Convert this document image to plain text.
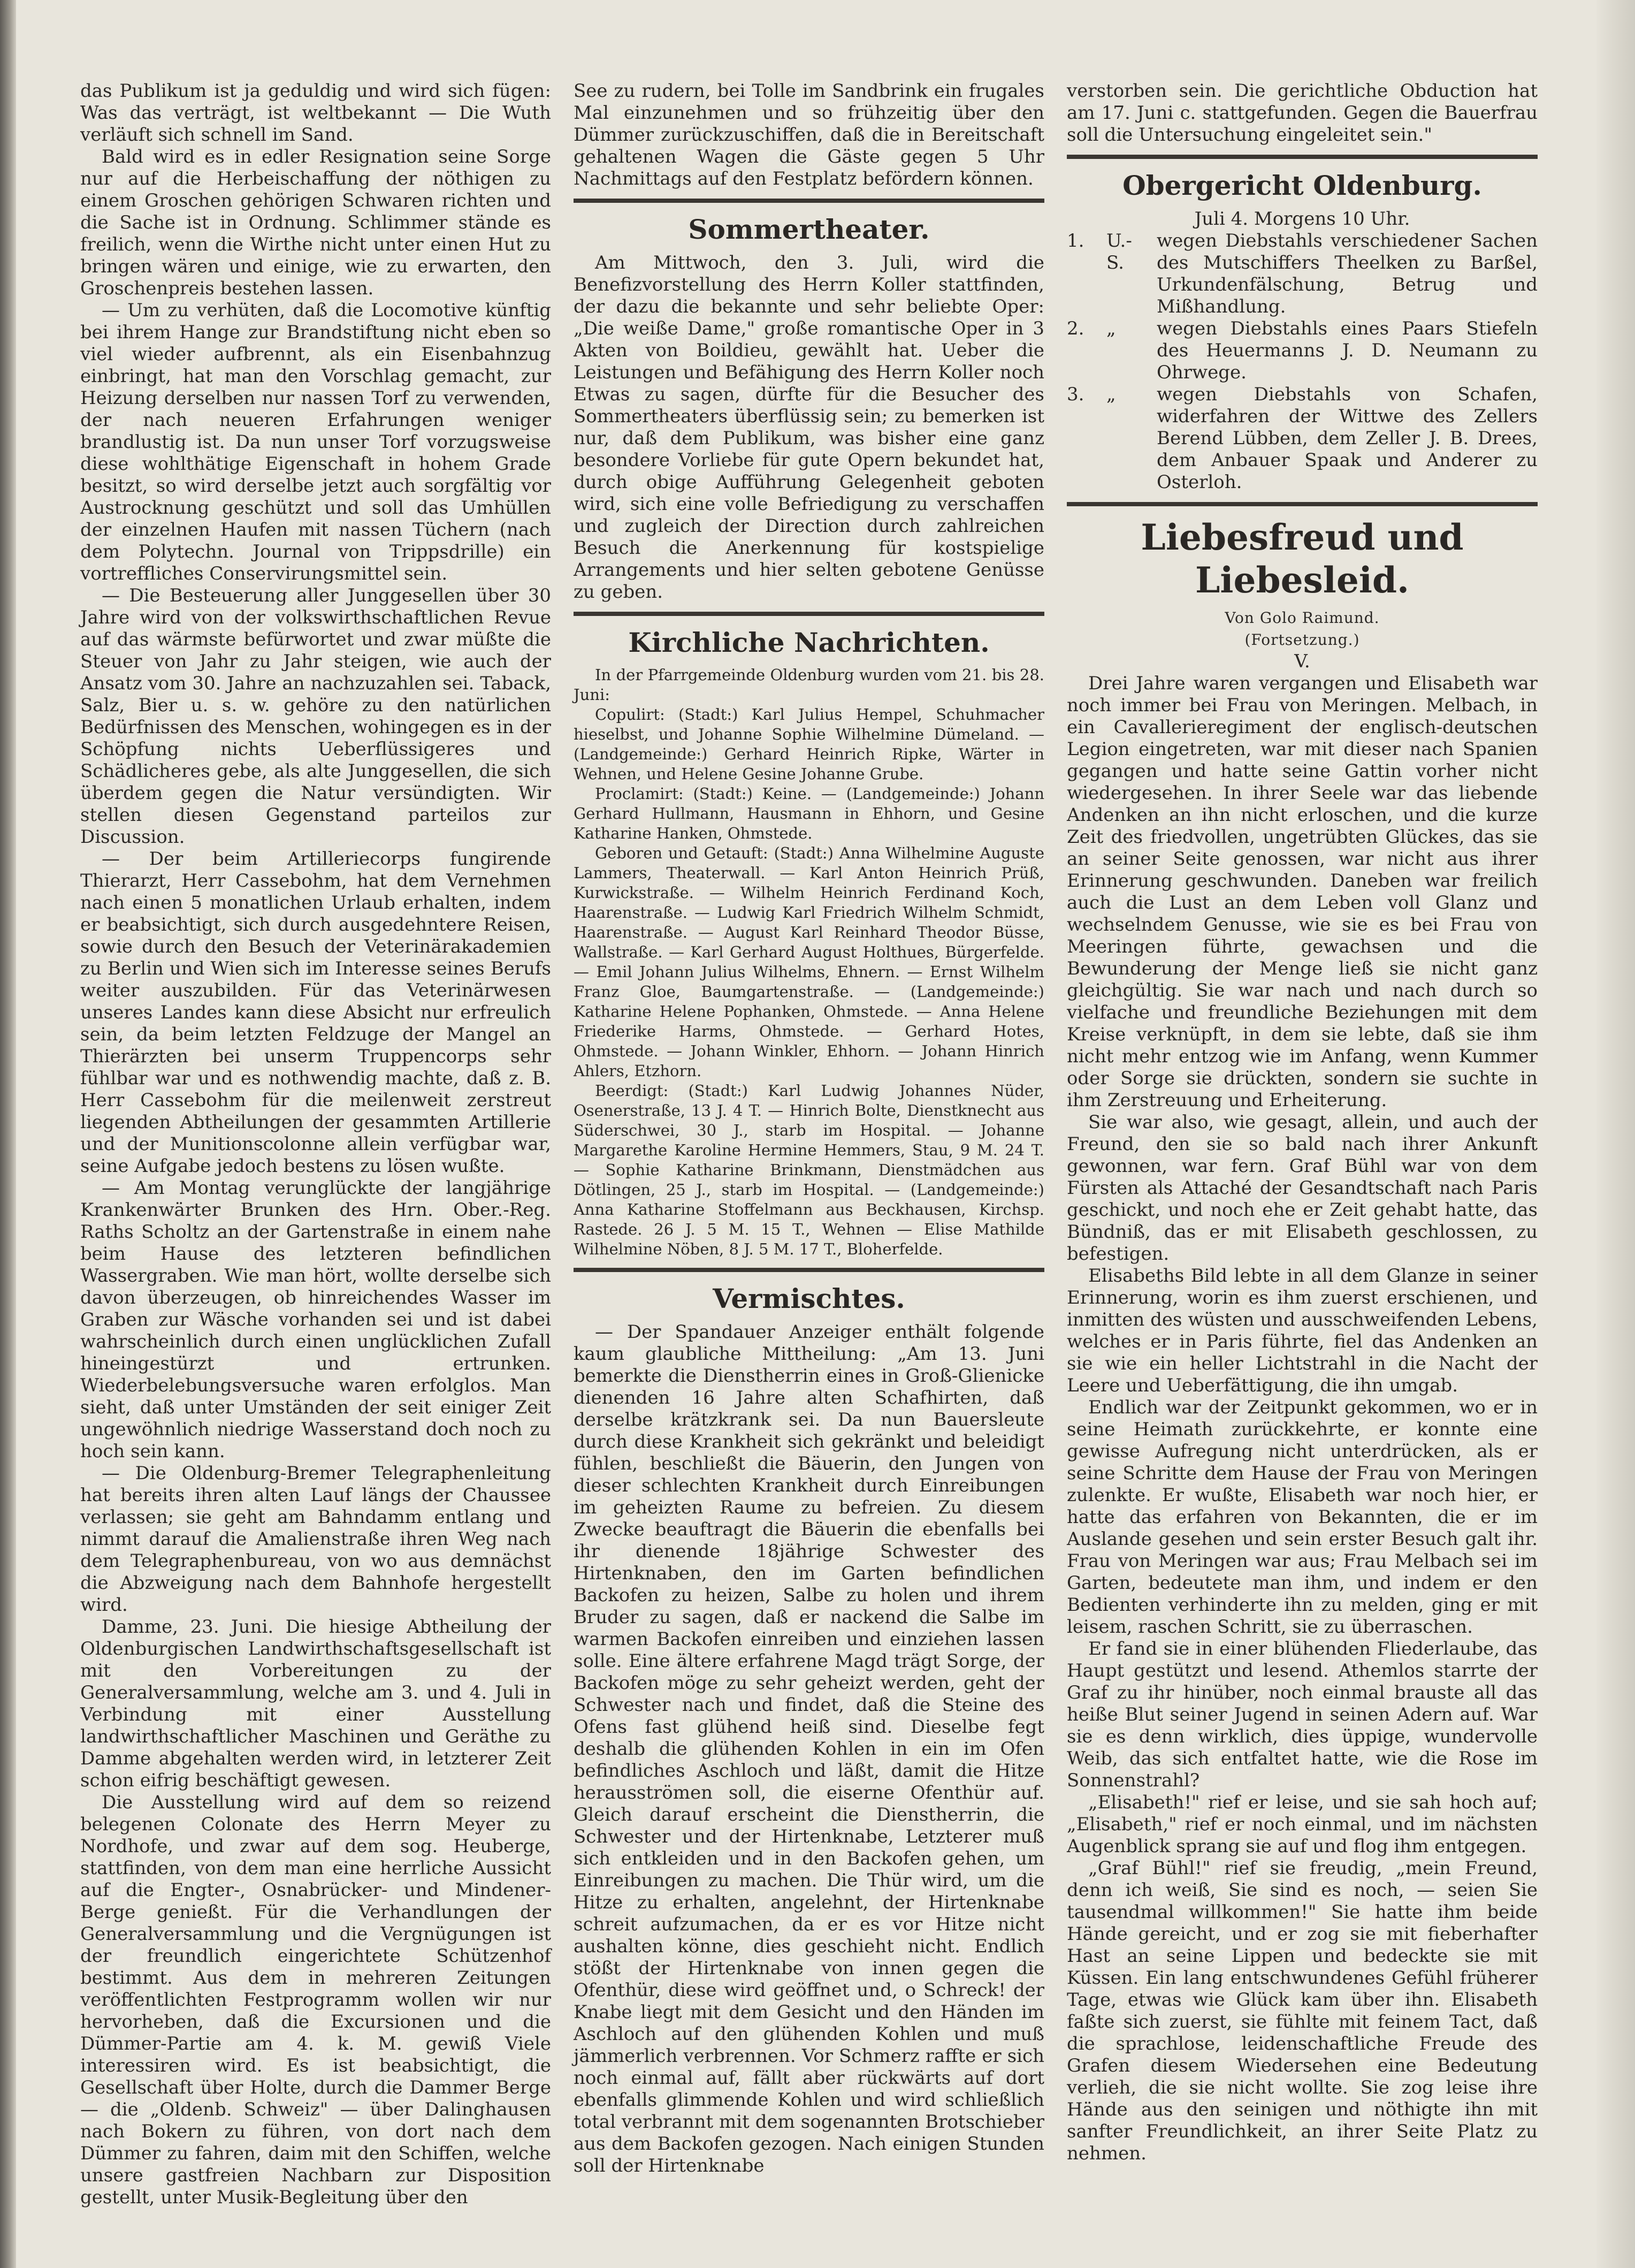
das Publikum ist ja geduldig und wird sich fügen: Was das verträgt, ist weltbekannt — Die Wuth verläuft sich schnell im Sand.

Bald wird es in edler Resignation seine Sorge nur auf die Herbeischaffung der nöthigen zu einem Groschen gehörigen Schwaren richten und die Sache ist in Ordnung. Schlimmer stände es freilich, wenn die Wirthe nicht unter einen Hut zu bringen wären und einige, wie zu erwarten, den Groschenpreis bestehen lassen.

— Um zu verhüten, daß die Locomotive künftig bei ihrem Hange zur Brandstiftung nicht eben so viel wieder aufbrennt, als ein Eisenbahnzug einbringt, hat man den Vorschlag gemacht, zur Heizung derselben nur nassen Torf zu verwenden, der nach neueren Erfahrungen weniger brandlustig ist. Da nun unser Torf vorzugsweise diese wohlthätige Eigenschaft in hohem Grade besitzt, so wird derselbe jetzt auch sorgfältig vor Austrocknung geschützt und soll das Umhüllen der einzelnen Haufen mit nassen Tüchern (nach dem Polytechn. Journal von Trippsdrille) ein vortreffliches Conservirungsmittel sein.

— Die Besteuerung aller Junggesellen über 30 Jahre wird von der volkswirthschaftlichen Revue auf das wärmste befürwortet und zwar müßte die Steuer von Jahr zu Jahr steigen, wie auch der Ansatz vom 30. Jahre an nachzuzahlen sei. Taback, Salz, Bier u. s. w. gehöre zu den natürlichen Bedürfnissen des Menschen, wohingegen es in der Schöpfung nichts Ueberflüssigeres und Schädlicheres gebe, als alte Junggesellen, die sich überdem gegen die Natur versündigten. Wir stellen diesen Gegenstand parteilos zur Discussion.

— Der beim Artilleriecorps fungirende Thierarzt, Herr Cassebohm, hat dem Vernehmen nach einen 5 monatlichen Urlaub erhalten, indem er beabsichtigt, sich durch ausgedehntere Reisen, sowie durch den Besuch der Veterinärakademien zu Berlin und Wien sich im Interesse seines Berufs weiter auszubilden. Für das Veterinärwesen unseres Landes kann diese Absicht nur erfreulich sein, da beim letzten Feldzuge der Mangel an Thierärzten bei unserm Truppencorps sehr fühlbar war und es nothwendig machte, daß z. B. Herr Cassebohm für die meilenweit zerstreut liegenden Abtheilungen der gesammten Artillerie und der Munitionscolonne allein verfügbar war, seine Aufgabe jedoch bestens zu lösen wußte.

— Am Montag verunglückte der langjährige Krankenwärter Brunken des Hrn. Ober.-Reg. Raths Scholtz an der Gartenstraße in einem nahe beim Hause des letzteren befindlichen Wassergraben. Wie man hört, wollte derselbe sich davon überzeugen, ob hinreichendes Wasser im Graben zur Wäsche vorhanden sei und ist dabei wahrscheinlich durch einen unglücklichen Zufall hineingestürzt und ertrunken. Wiederbelebungsversuche waren erfolglos. Man sieht, daß unter Umständen der seit einiger Zeit ungewöhnlich niedrige Wasserstand doch noch zu hoch sein kann.

— Die Oldenburg-Bremer Telegraphenleitung hat bereits ihren alten Lauf längs der Chaussee verlassen; sie geht am Bahndamm entlang und nimmt darauf die Amalienstraße ihren Weg nach dem Telegraphenbureau, von wo aus demnächst die Abzweigung nach dem Bahnhofe hergestellt wird.

Damme, 23. Juni. Die hiesige Abtheilung der Oldenburgischen Landwirthschaftsgesellschaft ist mit den Vorbereitungen zu der Generalversammlung, welche am 3. und 4. Juli in Verbindung mit einer Ausstellung landwirthschaftlicher Maschinen und Geräthe zu Damme abgehalten werden wird, in letzterer Zeit schon eifrig beschäftigt gewesen.

Die Ausstellung wird auf dem so reizend belegenen Colonate des Herrn Meyer zu Nordhofe, und zwar auf dem sog. Heuberge, stattfinden, von dem man eine herrliche Aussicht auf die Engter-, Osnabrücker- und Mindener-Berge genießt. Für die Verhandlungen der Generalversammlung und die Vergnügungen ist der freundlich eingerichtete Schützenhof bestimmt. Aus dem in mehreren Zeitungen veröffentlichten Festprogramm wollen wir nur hervorheben, daß die Excursionen und die Dümmer-Partie am 4. k. M. gewiß Viele interessiren wird. Es ist beabsichtigt, die Gesellschaft über Holte, durch die Dammer Berge — die „Oldenb. Schweiz" — über Dalinghausen nach Bokern zu führen, von dort nach dem Dümmer zu fahren, daim mit den Schiffen, welche unsere gastfreien Nachbarn zur Disposition gestellt, unter Musik-Begleitung über den

See zu rudern, bei Tolle im Sandbrink ein frugales Mal einzunehmen und so frühzeitig über den Dümmer zurückzuschiffen, daß die in Bereitschaft gehaltenen Wagen die Gäste gegen 5 Uhr Nachmittags auf den Festplatz befördern können.

Sommertheater.

Am Mittwoch, den 3. Juli, wird die Benefizvorstellung des Herrn Koller stattfinden, der dazu die bekannte und sehr beliebte Oper: „Die weiße Dame," große romantische Oper in 3 Akten von Boildieu, gewählt hat. Ueber die Leistungen und Befähigung des Herrn Koller noch Etwas zu sagen, dürfte für die Besucher des Sommertheaters überflüssig sein; zu bemerken ist nur, daß dem Publikum, was bisher eine ganz besondere Vorliebe für gute Opern bekundet hat, durch obige Aufführung Gelegenheit geboten wird, sich eine volle Befriedigung zu verschaffen und zugleich der Direction durch zahlreichen Besuch die Anerkennung für kostspielige Arrangements und hier selten gebotene Genüsse zu geben.

Kirchliche Nachrichten.

In der Pfarrgemeinde Oldenburg wurden vom 21. bis 28. Juni:

Copulirt: (Stadt:) Karl Julius Hempel, Schuhmacher hieselbst, und Johanne Sophie Wilhelmine Dümeland. — (Landgemeinde:) Gerhard Heinrich Ripke, Wärter in Wehnen, und Helene Gesine Johanne Grube.

Proclamirt: (Stadt:) Keine. — (Landgemeinde:) Johann Gerhard Hullmann, Hausmann in Ehhorn, und Gesine Katharine Hanken, Ohmstede.

Geboren und Getauft: (Stadt:) Anna Wilhelmine Auguste Lammers, Theaterwall. — Karl Anton Heinrich Prüß, Kurwickstraße. — Wilhelm Heinrich Ferdinand Koch, Haarenstraße. — Ludwig Karl Friedrich Wilhelm Schmidt, Haarenstraße. — August Karl Reinhard Theodor Büsse, Wallstraße. — Karl Gerhard August Holthues, Bürgerfelde. — Emil Johann Julius Wilhelms, Ehnern. — Ernst Wilhelm Franz Gloe, Baumgartenstraße. — (Landgemeinde:) Katharine Helene Pophanken, Ohmstede. — Anna Helene Friederike Harms, Ohmstede. — Gerhard Hotes, Ohmstede. — Johann Winkler, Ehhorn. — Johann Hinrich Ahlers, Etzhorn.

Beerdigt: (Stadt:) Karl Ludwig Johannes Nüder, Osenerstraße, 13 J. 4 T. — Hinrich Bolte, Dienstknecht aus Süderschwei, 30 J., starb im Hospital. — Johanne Margarethe Karoline Hermine Hemmers, Stau, 9 M. 24 T. — Sophie Katharine Brinkmann, Dienstmädchen aus Dötlingen, 25 J., starb im Hospital. — (Landgemeinde:) Anna Katharine Stoffelmann aus Beckhausen, Kirchsp. Rastede. 26 J. 5 M. 15 T., Wehnen — Elise Mathilde Wilhelmine Nöben, 8 J. 5 M. 17 T., Bloherfelde.

Vermischtes.

— Der Spandauer Anzeiger enthält folgende kaum glaubliche Mittheilung: „Am 13. Juni bemerkte die Dienstherrin eines in Groß-Glienicke dienenden 16 Jahre alten Schafhirten, daß derselbe krätzkrank sei. Da nun Bauersleute durch diese Krankheit sich gekränkt und beleidigt fühlen, beschließt die Bäuerin, den Jungen von dieser schlechten Krankheit durch Einreibungen im geheizten Raume zu befreien. Zu diesem Zwecke beauftragt die Bäuerin die ebenfalls bei ihr dienende 18jährige Schwester des Hirtenknaben, den im Garten befindlichen Backofen zu heizen, Salbe zu holen und ihrem Bruder zu sagen, daß er nackend die Salbe im warmen Backofen einreiben und einziehen lassen solle. Eine ältere erfahrene Magd trägt Sorge, der Backofen möge zu sehr geheizt werden, geht der Schwester nach und findet, daß die Steine des Ofens fast glühend heiß sind. Dieselbe fegt deshalb die glühenden Kohlen in ein im Ofen befindliches Aschloch und läßt, damit die Hitze herausströmen soll, die eiserne Ofenthür auf. Gleich darauf erscheint die Dienstherrin, die Schwester und der Hirtenknabe, Letzterer muß sich entkleiden und in den Backofen gehen, um Einreibungen zu machen. Die Thür wird, um die Hitze zu erhalten, angelehnt, der Hirtenknabe schreit aufzumachen, da er es vor Hitze nicht aushalten könne, dies geschieht nicht. Endlich stößt der Hirtenknabe von innen gegen die Ofenthür, diese wird geöffnet und, o Schreck! der Knabe liegt mit dem Gesicht und den Händen im Aschloch auf den glühenden Kohlen und muß jämmerlich verbrennen. Vor Schmerz raffte er sich noch einmal auf, fällt aber rückwärts auf dort ebenfalls glimmende Kohlen und wird schließlich total verbrannt mit dem sogenannten Brotschieber aus dem Backofen gezogen. Nach einigen Stunden soll der Hirtenknabe

verstorben sein. Die gerichtliche Obduction hat am 17. Juni c. stattgefunden. Gegen die Bauerfrau soll die Untersuchung eingeleitet sein."

Obergericht Oldenburg.

Juli 4. Morgens 10 Uhr.

1.	U.-S.
wegen Diebstahls verschiedener Sachen des Mutschiffers Theelken zu Barßel, Urkundenfälschung, Betrug und Mißhandlung.
2.	„	wegen Diebstahls eines Paars Stiefeln des Heuermanns J. D. Neumann zu Ohrwege.
3.	„	wegen Diebstahls von Schafen, widerfahren der Wittwe des Zellers Berend Lübben, dem Zeller J. B. Drees, dem Anbauer Spaak und Anderer zu Osterloh.
Liebesfreud und Liebesleid.
Von Golo Raimund.
(Fortsetzung.)
V.

Drei Jahre waren vergangen und Elisabeth war noch immer bei Frau von Meringen. Melbach, in ein Cavallerieregiment der englisch-deutschen Legion eingetreten, war mit dieser nach Spanien gegangen und hatte seine Gattin vorher nicht wiedergesehen. In ihrer Seele war das liebende Andenken an ihn nicht erloschen, und die kurze Zeit des friedvollen, ungetrübten Glückes, das sie an seiner Seite genossen, war nicht aus ihrer Erinnerung geschwunden. Daneben war freilich auch die Lust an dem Leben voll Glanz und wechselndem Genusse, wie sie es bei Frau von Meeringen führte, gewachsen und die Bewunderung der Menge ließ sie nicht ganz gleichgültig. Sie war nach und nach durch so vielfache und freundliche Beziehungen mit dem Kreise verknüpft, in dem sie lebte, daß sie ihm nicht mehr entzog wie im Anfang, wenn Kummer oder Sorge sie drückten, sondern sie suchte in ihm Zerstreuung und Erheiterung.

Sie war also, wie gesagt, allein, und auch der Freund, den sie so bald nach ihrer Ankunft gewonnen, war fern. Graf Bühl war von dem Fürsten als Attaché der Gesandtschaft nach Paris geschickt, und noch ehe er Zeit gehabt hatte, das Bündniß, das er mit Elisabeth geschlossen, zu befestigen.

Elisabeths Bild lebte in all dem Glanze in seiner Erinnerung, worin es ihm zuerst erschienen, und inmitten des wüsten und ausschweifenden Lebens, welches er in Paris führte, fiel das Andenken an sie wie ein heller Lichtstrahl in die Nacht der Leere und Ueberfättigung, die ihn umgab.

Endlich war der Zeitpunkt gekommen, wo er in seine Heimath zurückkehrte, er konnte eine gewisse Aufregung nicht unterdrücken, als er seine Schritte dem Hause der Frau von Meringen zulenkte. Er wußte, Elisabeth war noch hier, er hatte das erfahren von Bekannten, die er im Auslande gesehen und sein erster Besuch galt ihr. Frau von Meringen war aus; Frau Melbach sei im Garten, bedeutete man ihm, und indem er den Bedienten verhinderte ihn zu melden, ging er mit leisem, raschen Schritt, sie zu überraschen.

Er fand sie in einer blühenden Fliederlaube, das Haupt gestützt und lesend. Athemlos starrte der Graf zu ihr hinüber, noch einmal brauste all das heiße Blut seiner Jugend in seinen Adern auf. War sie es denn wirklich, dies üppige, wundervolle Weib, das sich entfaltet hatte, wie die Rose im Sonnenstrahl?

„Elisabeth!" rief er leise, und sie sah hoch auf; „Elisabeth," rief er noch einmal, und im nächsten Augenblick sprang sie auf und flog ihm entgegen.

„Graf Bühl!" rief sie freudig, „mein Freund, denn ich weiß, Sie sind es noch, — seien Sie tausendmal willkommen!" Sie hatte ihm beide Hände gereicht, und er zog sie mit fieberhafter Hast an seine Lippen und bedeckte sie mit Küssen. Ein lang entschwundenes Gefühl früherer Tage, etwas wie Glück kam über ihn. Elisabeth faßte sich zuerst, sie fühlte mit feinem Tact, daß die sprachlose, leidenschaftliche Freude des Grafen diesem Wiedersehen eine Bedeutung verlieh, die sie nicht wollte. Sie zog leise ihre Hände aus den seinigen und nöthigte ihn mit sanfter Freundlichkeit, an ihrer Seite Platz zu nehmen.
